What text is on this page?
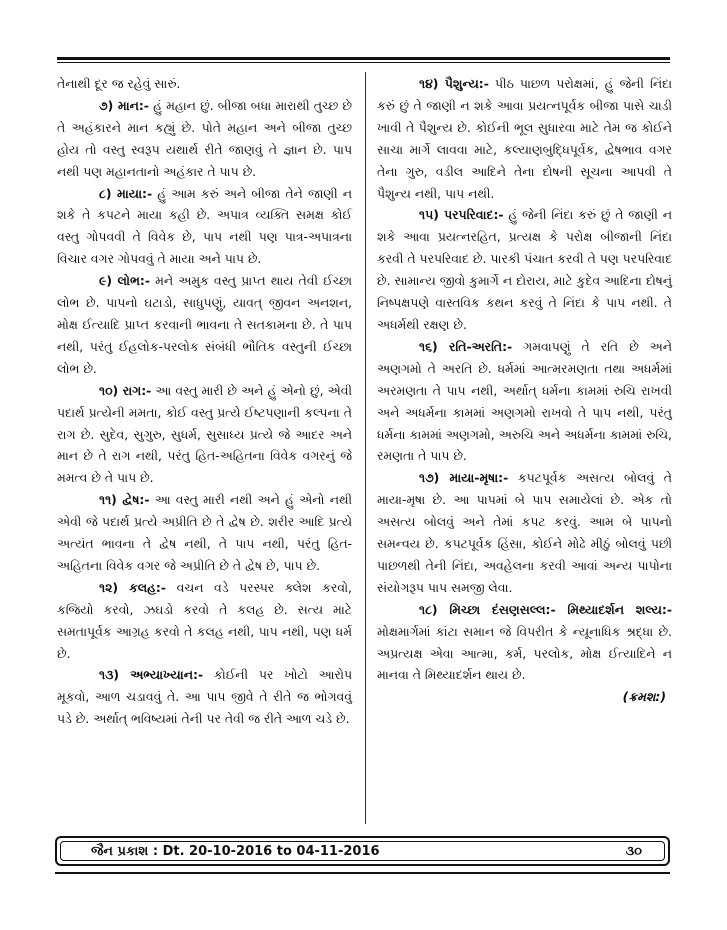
તેનાથી દૂર જ રહેવું સારું.

૭) માન:- હું મહાન છું. બીજા બધા મારાથી તુચ્છ છે તે અહંકારને માન કહ્યું છે. પોતે મહાન અને બીજા તુચ્છ હોય તો વસ્તુ સ્વરૂપ યથાર્થ રીતે જાણવું તે જ્ઞાન છે. પાપ નથી પણ મહાનતાનો અહંકાર તે પાપ છે.

૮) માયા:- હું આમ કરું અને બીજા તેને જાણી ન શકે તે કપટને માયા કહી છે. અપાત્ર વ્યક્તિ સમક્ષ કોઈ વસ્તુ ગોપવવી તે વિવેક છે, પાપ નથી પણ પાત્ર-અપાત્રના વિચાર વગર ગોપવવું તે માયા અને પાપ છે.

૯) લોભ:- મને અમુક વસ્તુ પ્રાપ્ત થાય તેવી ઈચ્છા લોભ છે. પાપનો ઘટાડો, સાધુપણું, યાવત્ જીવન અનશન, મોક્ષ ઈત્યાદિ પ્રાપ્ત કરવાની ભાવના તે સતકામના છે. તે પાપ નથી, પરંતુ ઈહલોક-પરલોક સંબંધી ભૌતિક વસ્તુની ઈચ્છા લોભ છે.

૧૦) રાગ:- આ વસ્તુ મારી છે અને હું એનો છું, એવી પદાર્થ પ્રત્યેની મમતા, કોઈ વસ્તુ પ્રત્યે ઈષ્ટપણાની કલ્પના તે રાગ છે. સુદેવ, સુગુરુ, સુધર્મ, સુસાધ્ય પ્રત્યે જે આદર અને માન છે તે રાગ નથી, પરંતુ હિત-અહિતના વિવેક વગરનું જે મમત્વ છે તે પાપ છે.

૧૧) દ્વેષ:- આ વસ્તુ મારી નથી અને હું એનો નથી એવી જે પદાર્થ પ્રત્યે અપ્રીતિ છે તે દ્વેષ છે. શરીર આદિ પ્રત્યે અત્યંત ભાવના તે દ્વેષ નથી, તે પાપ નથી, પરંતુ હિત-અહિતના વિવેક વગર જે અપ્રીતિ છે તે દ્વેષ છે, પાપ છે.

૧૨) કલહ:- વચન વડે પરસ્પર ક્લેશ કરવો, કજિયો કરવો, ઝઘડો કરવો તે કલહ છે. સત્ય માટે સમતાપૂર્વક આગ્રહ કરવો તે કલહ નથી, પાપ નથી, પણ ધર્મ છે.

૧૩) અભ્યાખ્યાન:- કોઈની પર ખોટો આરોપ મૂકવો, આળ ચડાવવું તે. આ પાપ જીવે તે રીતે જ ભોગવવું પડે છે. અર્થાત્ ભવિષ્યમાં તેની પર તેવી જ રીતે આળ ચડે છે.

૧૪) પૈશુન્ય:- પીઠ પાછળ પરોક્ષમાં, હું જેની નિંદા કરું છું તે જાણી ન શકે આવા પ્રયત્નપૂર્વક બીજા પાસે ચાડી ખાવી તે પૈશુન્ય છે. કોઈની ભૂલ સુધારવા માટે તેમ જ કોઈને સાચા માર્ગે લાવવા માટે, કલ્યાણબુદ્ધિપૂર્વક, દ્વેષભાવ વગર તેના ગુરુ, વડીલ આદિને તેના દોષની સૂચના આપવી તે પૈશુન્ય નથી, પાપ નથી.

૧૫) પરપરિવાદ:- હું જેની નિંદા કરું છું તે જાણી ન શકે આવા પ્રયત્નરહિત, પ્રત્યક્ષ કે પરોક્ષ બીજાની નિંદા કરવી તે પરપરિવાદ છે. પારકી પંચાત કરવી તે પણ પરપરિવાદ છે. સામાન્ય જીવો કુમાર્ગે ન દોરાય, માટે કુદેવ આદિના દોષનું નિષ્પક્ષપણે વાસ્તવિક કથન કરવું તે નિંદા કે પાપ નથી. તે અધર્મથી રક્ષણ છે.

૧૬) રતિ-અરતિ:- ગમવાપણું તે રતિ છે અને અણગમો તે અરતિ છે. ધર્મમાં આત્મરમણતા તથા અધર્મમાં અરમણતા તે પાપ નથી, અર્થાત્ ધર્મના કામમાં રુચિ રાખવી અને અધર્મના કામમાં અણગમો રાખવો તે પાપ નથી, પરંતુ ધર્મના કામમાં અણગમો, અરુચિ અને અધર્મના કામમાં રુચિ, રમણતા તે પાપ છે.

૧૭) માયા-મૃષા:- કપટપૂર્વક અસત્ય બોલવું તે માયા-મૃષા છે. આ પાપમાં બે પાપ સમાયેલાં છે. એક તો અસત્ય બોલવું અને તેમાં કપટ કરવું. આમ બે પાપનો સમન્વય છે. કપટપૂર્વક હિંસા, કોઈને મોઢે મીઠું બોલવું પછી પાછળથી તેની નિંદા, અવહેલના કરવી આવાં અન્ય પાપોના સંયોગરૂપ પાપ સમજી લેવા.

૧૮) મિચ્છા દંસણસલ્લ:- મિથ્યાદર્શન શલ્ય:- મોક્ષમાર્ગમાં કાંટા સમાન જે વિપરીત કે ન્યૂનાધિક શ્રદ્ધા છે. અપ્રત્યક્ષ એવા આત્મા, કર્મ, પરલોક, મોક્ષ ઈત્યાદિને ન માનવા તે મિથ્યાદર્શન થાય છે.

(ક્રમશ:)

જૈન પ્રકાશ : Dt. 20-10-2016 to 04-11-2016	૩૦
